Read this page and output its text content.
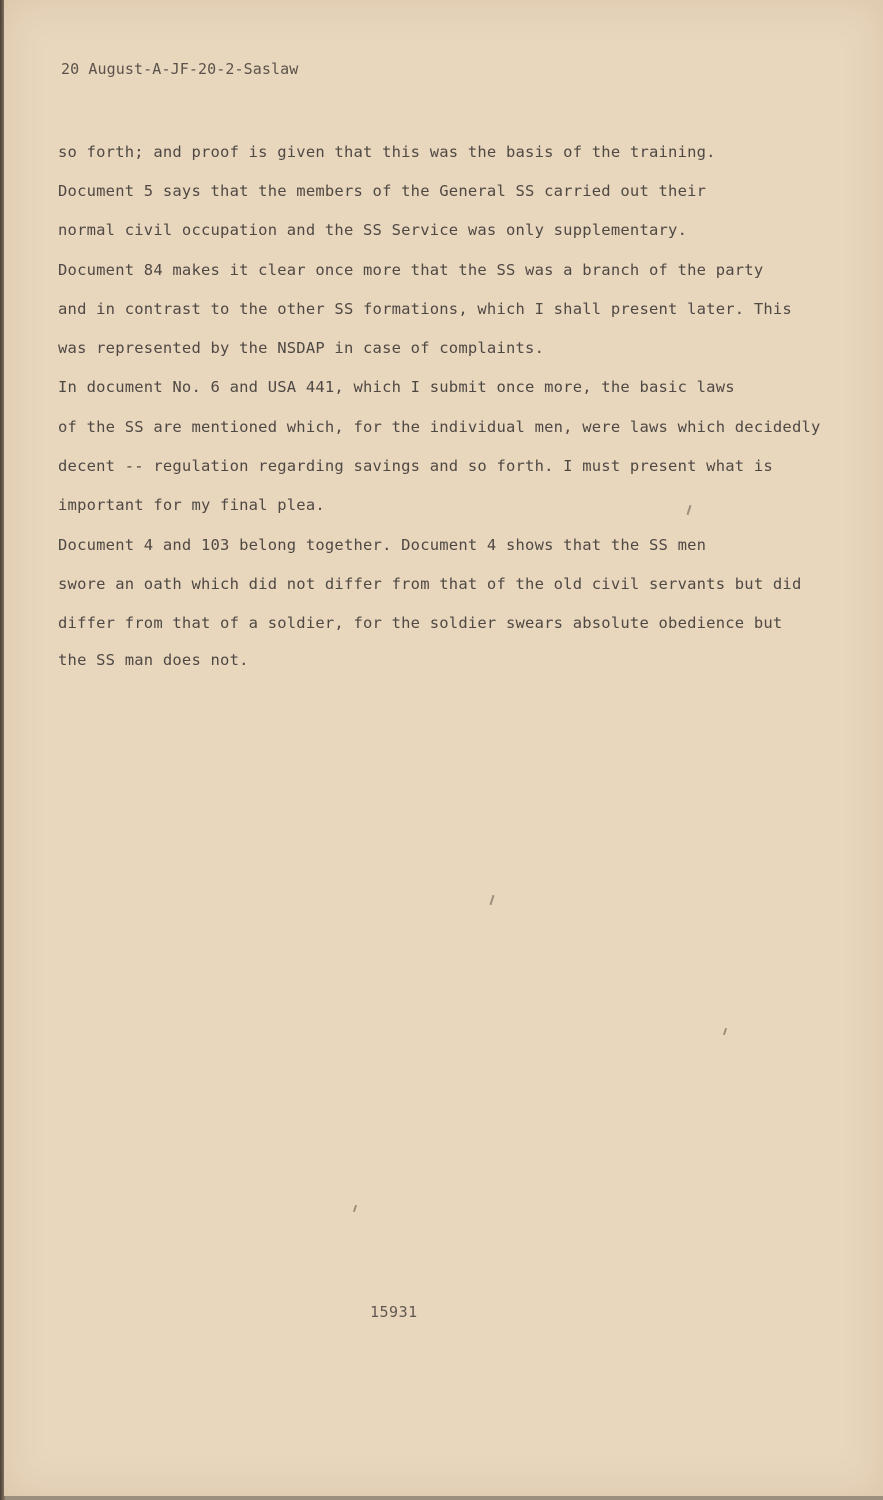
20 August-A-JF-20-2-Saslaw
so forth; and proof is given that this was the basis of the training.
Document 5 says that the members of the General SS carried out their
normal civil occupation and the SS Service was only supplementary.
Document 84 makes it clear once more that the SS was a branch of the party
and in contrast to the other SS formations, which I shall present later. This
was represented by the NSDAP in case of complaints.
In document No. 6 and USA 441, which I submit once more, the basic laws
of the SS are mentioned which, for the individual men, were laws which decidedly
decent -- regulation regarding savings and so forth. I must present what is
important for my final plea.
Document 4 and 103 belong together. Document 4 shows that the SS men
swore an oath which did not differ from that of the old civil servants but did
differ from that of a soldier, for the soldier swears absolute obedience but
the SS man does not.
15931
